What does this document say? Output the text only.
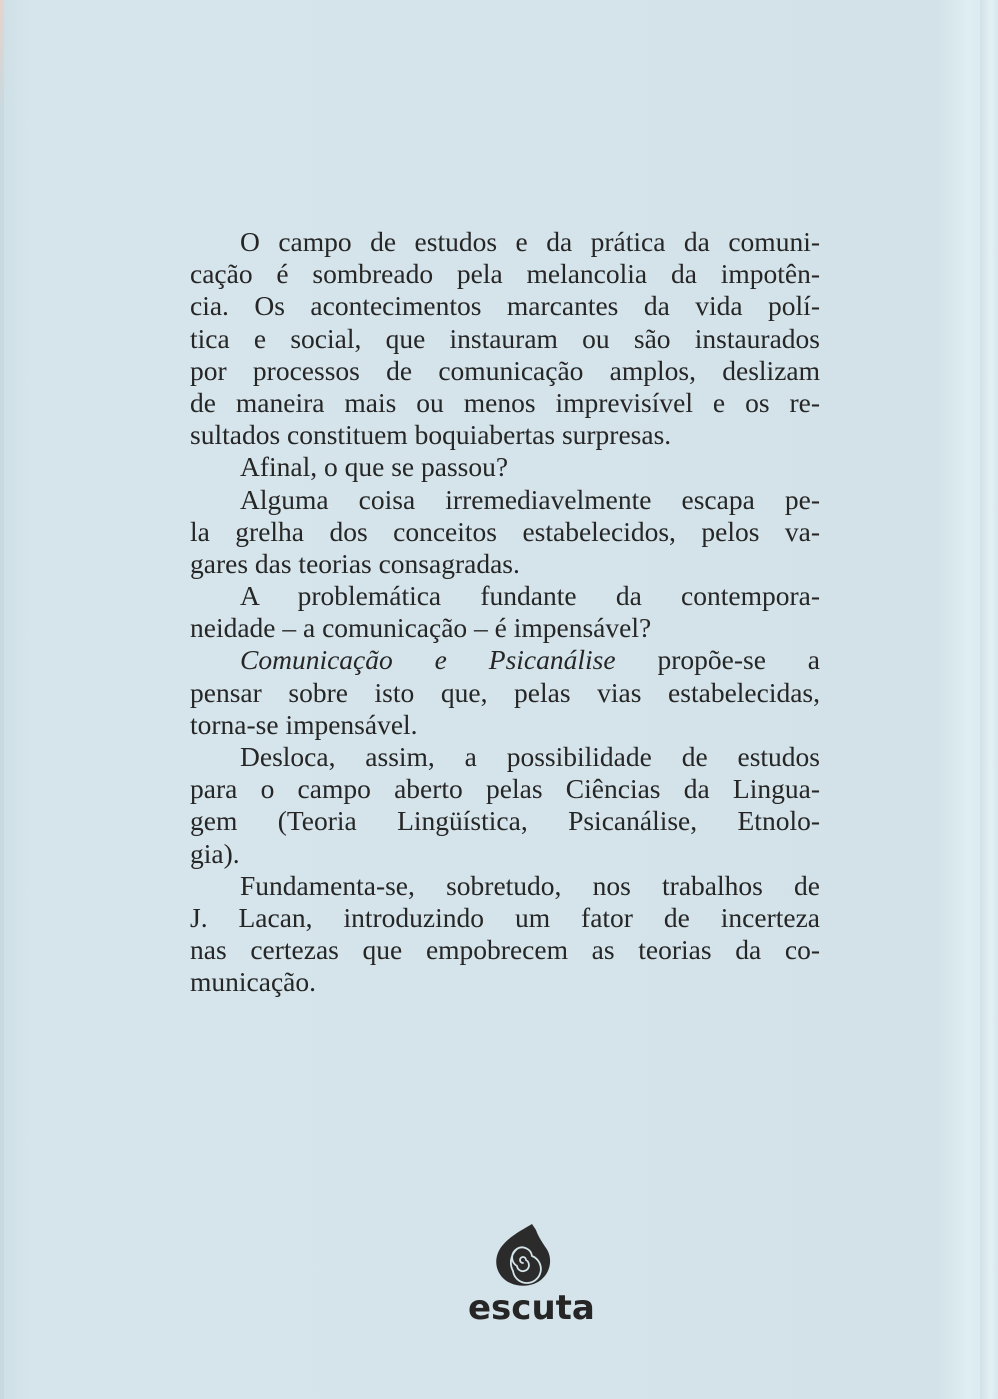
O campo de estudos e da prática da comuni-
cação é sombreado pela melancolia da impotên-
cia. Os acontecimentos marcantes da vida polí-
tica e social, que instauram ou são instaurados
por processos de comunicação amplos, deslizam
de maneira mais ou menos imprevisível e os re-
sultados constituem boquiabertas surpresas.
Afinal, o que se passou?
Alguma coisa irremediavelmente escapa pe-
la grelha dos conceitos estabelecidos, pelos va-
gares das teorias consagradas.
A problemática fundante da contempora-
neidade – a comunicação – é impensável?
Comunicação e Psicanálise propõe-se a
pensar sobre isto que, pelas vias estabelecidas,
torna-se impensável.
Desloca, assim, a possibilidade de estudos
para o campo aberto pelas Ciências da Lingua-
gem (Teoria Lingüística, Psicanálise, Etnolo-
gia).
Fundamenta-se, sobretudo, nos trabalhos de
J. Lacan, introduzindo um fator de incerteza
nas certezas que empobrecem as teorias da co-
municação.
escuta
